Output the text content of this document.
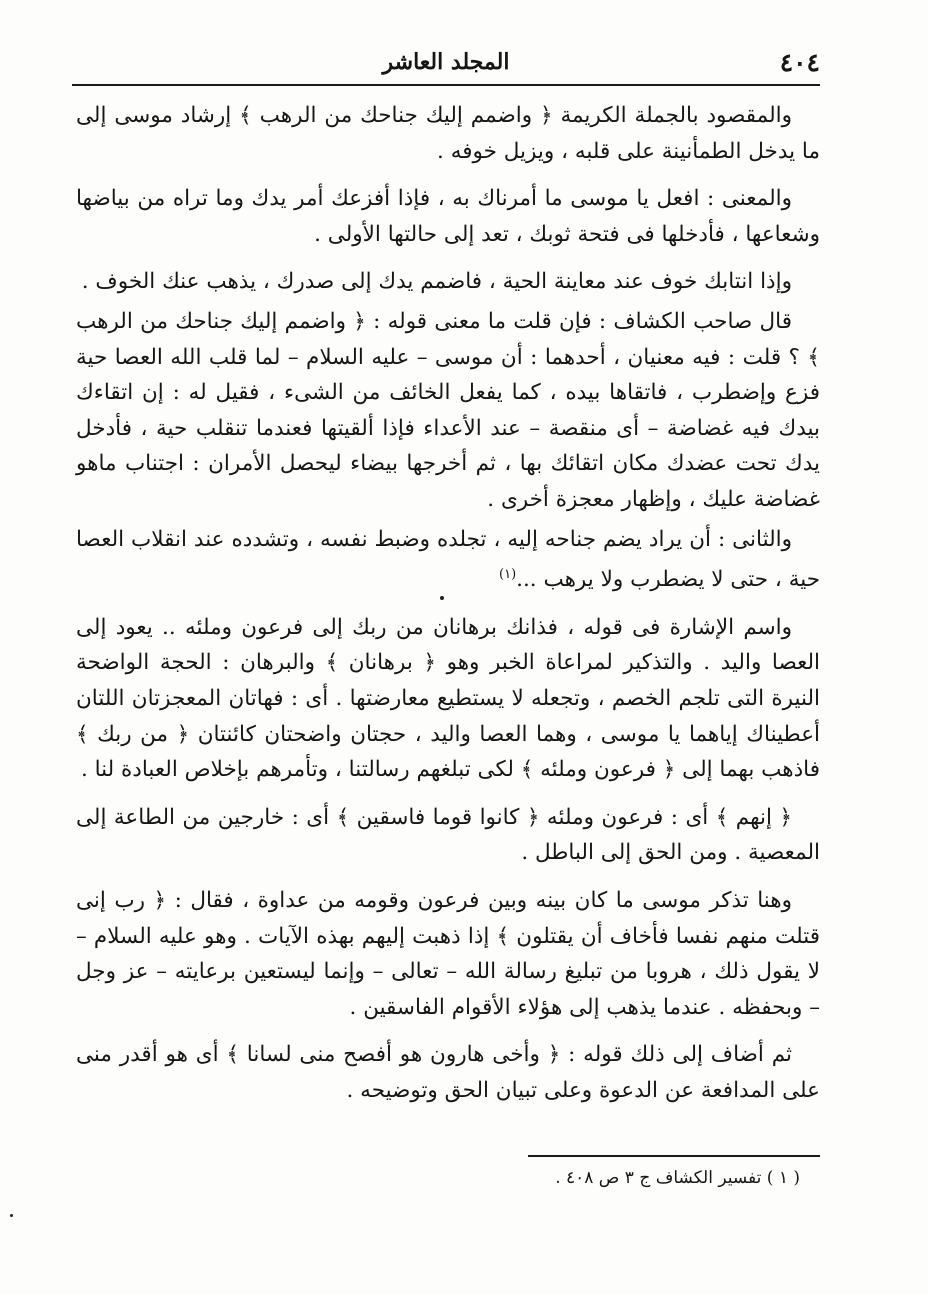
٤٠٤
المجلد العاشر

والمقصود بالجملة الكريمة ﴿ واضمم إليك جناحك من الرهب ﴾ إرشاد موسى إلى ما يدخل الطمأنينة على قلبه ، ويزيل خوفه .

والمعنى : افعل يا موسى ما أمرناك به ، فإذا أفزعك أمر يدك وما تراه من بياضها وشعاعها ، فأدخلها فى فتحة ثوبك ، تعد إلى حالتها الأولى .

وإذا انتابك خوف عند معاينة الحية ، فاضمم يدك إلى صدرك ، يذهب عنك الخوف .

قال صاحب الكشاف : فإن قلت ما معنى قوله : ﴿ واضمم إليك جناحك من الرهب ﴾ ؟ قلت : فيه معنيان ، أحدهما : أن موسى – عليه السلام – لما قلب الله العصا حية فزع وإضطرب ، فاتقاها بيده ، كما يفعل الخائف من الشىء ، فقيل له : إن اتقاءك بيدك فيه غضاضة – أى منقصة – عند الأعداء فإذا ألقيتها فعندما تنقلب حية ، فأدخل يدك تحت عضدك مكان اتقائك بها ، ثم أخرجها بيضاء ليحصل الأمران : اجتناب ماهو غضاضة عليك ، وإظهار معجزة أخرى .

والثانى : أن يراد يضم جناحه إليه ، تجلده وضبط نفسه ، وتشدده عند انقلاب العصا حية ، حتى لا يضطرب ولا يرهب ...$^{(١)}$

واسم الإشارة فى قوله ، فذانك برهانان من ربك إلى فرعون وملئه .. يعود إلى العصا واليد . والتذكير لمراعاة الخبر وهو ﴿ برهانان ﴾ والبرهان : الحجة الواضحة النيرة التى تلجم الخصم ، وتجعله لا يستطيع معارضتها . أى : فهاتان المعجزتان اللتان أعطيناك إياهما يا موسى ، وهما العصا واليد ، حجتان واضحتان كائنتان ﴿ من ربك ﴾ فاذهب بهما إلى ﴿ فرعون وملئه ﴾ لكى تبلغهم رسالتنا ، وتأمرهم بإخلاص العبادة لنا .

﴿ إنهم ﴾ أى : فرعون وملئه ﴿ كانوا قوما فاسقين ﴾ أى : خارجين من الطاعة إلى المعصية . ومن الحق إلى الباطل .

وهنا تذكر موسى ما كان بينه وبين فرعون وقومه من عداوة ، فقال : ﴿ رب إنى قتلت منهم نفسا فأخاف أن يقتلون ﴾ إذا ذهبت إليهم بهذه الآيات . وهو عليه السلام – لا يقول ذلك ، هروبا من تبليغ رسالة الله – تعالى – وإنما ليستعين برعايته – عز وجل – وبحفظه . عندما يذهب إلى هؤلاء الأقوام الفاسقين .

ثم أضاف إلى ذلك قوله : ﴿ وأخى هارون هو أفصح منى لسانا ﴾ أى هو أقدر منى على المدافعة عن الدعوة وعلى تبيان الحق وتوضيحه .

( ١ ) تفسير الكشاف ج ٣ ص ٤٠٨ .
